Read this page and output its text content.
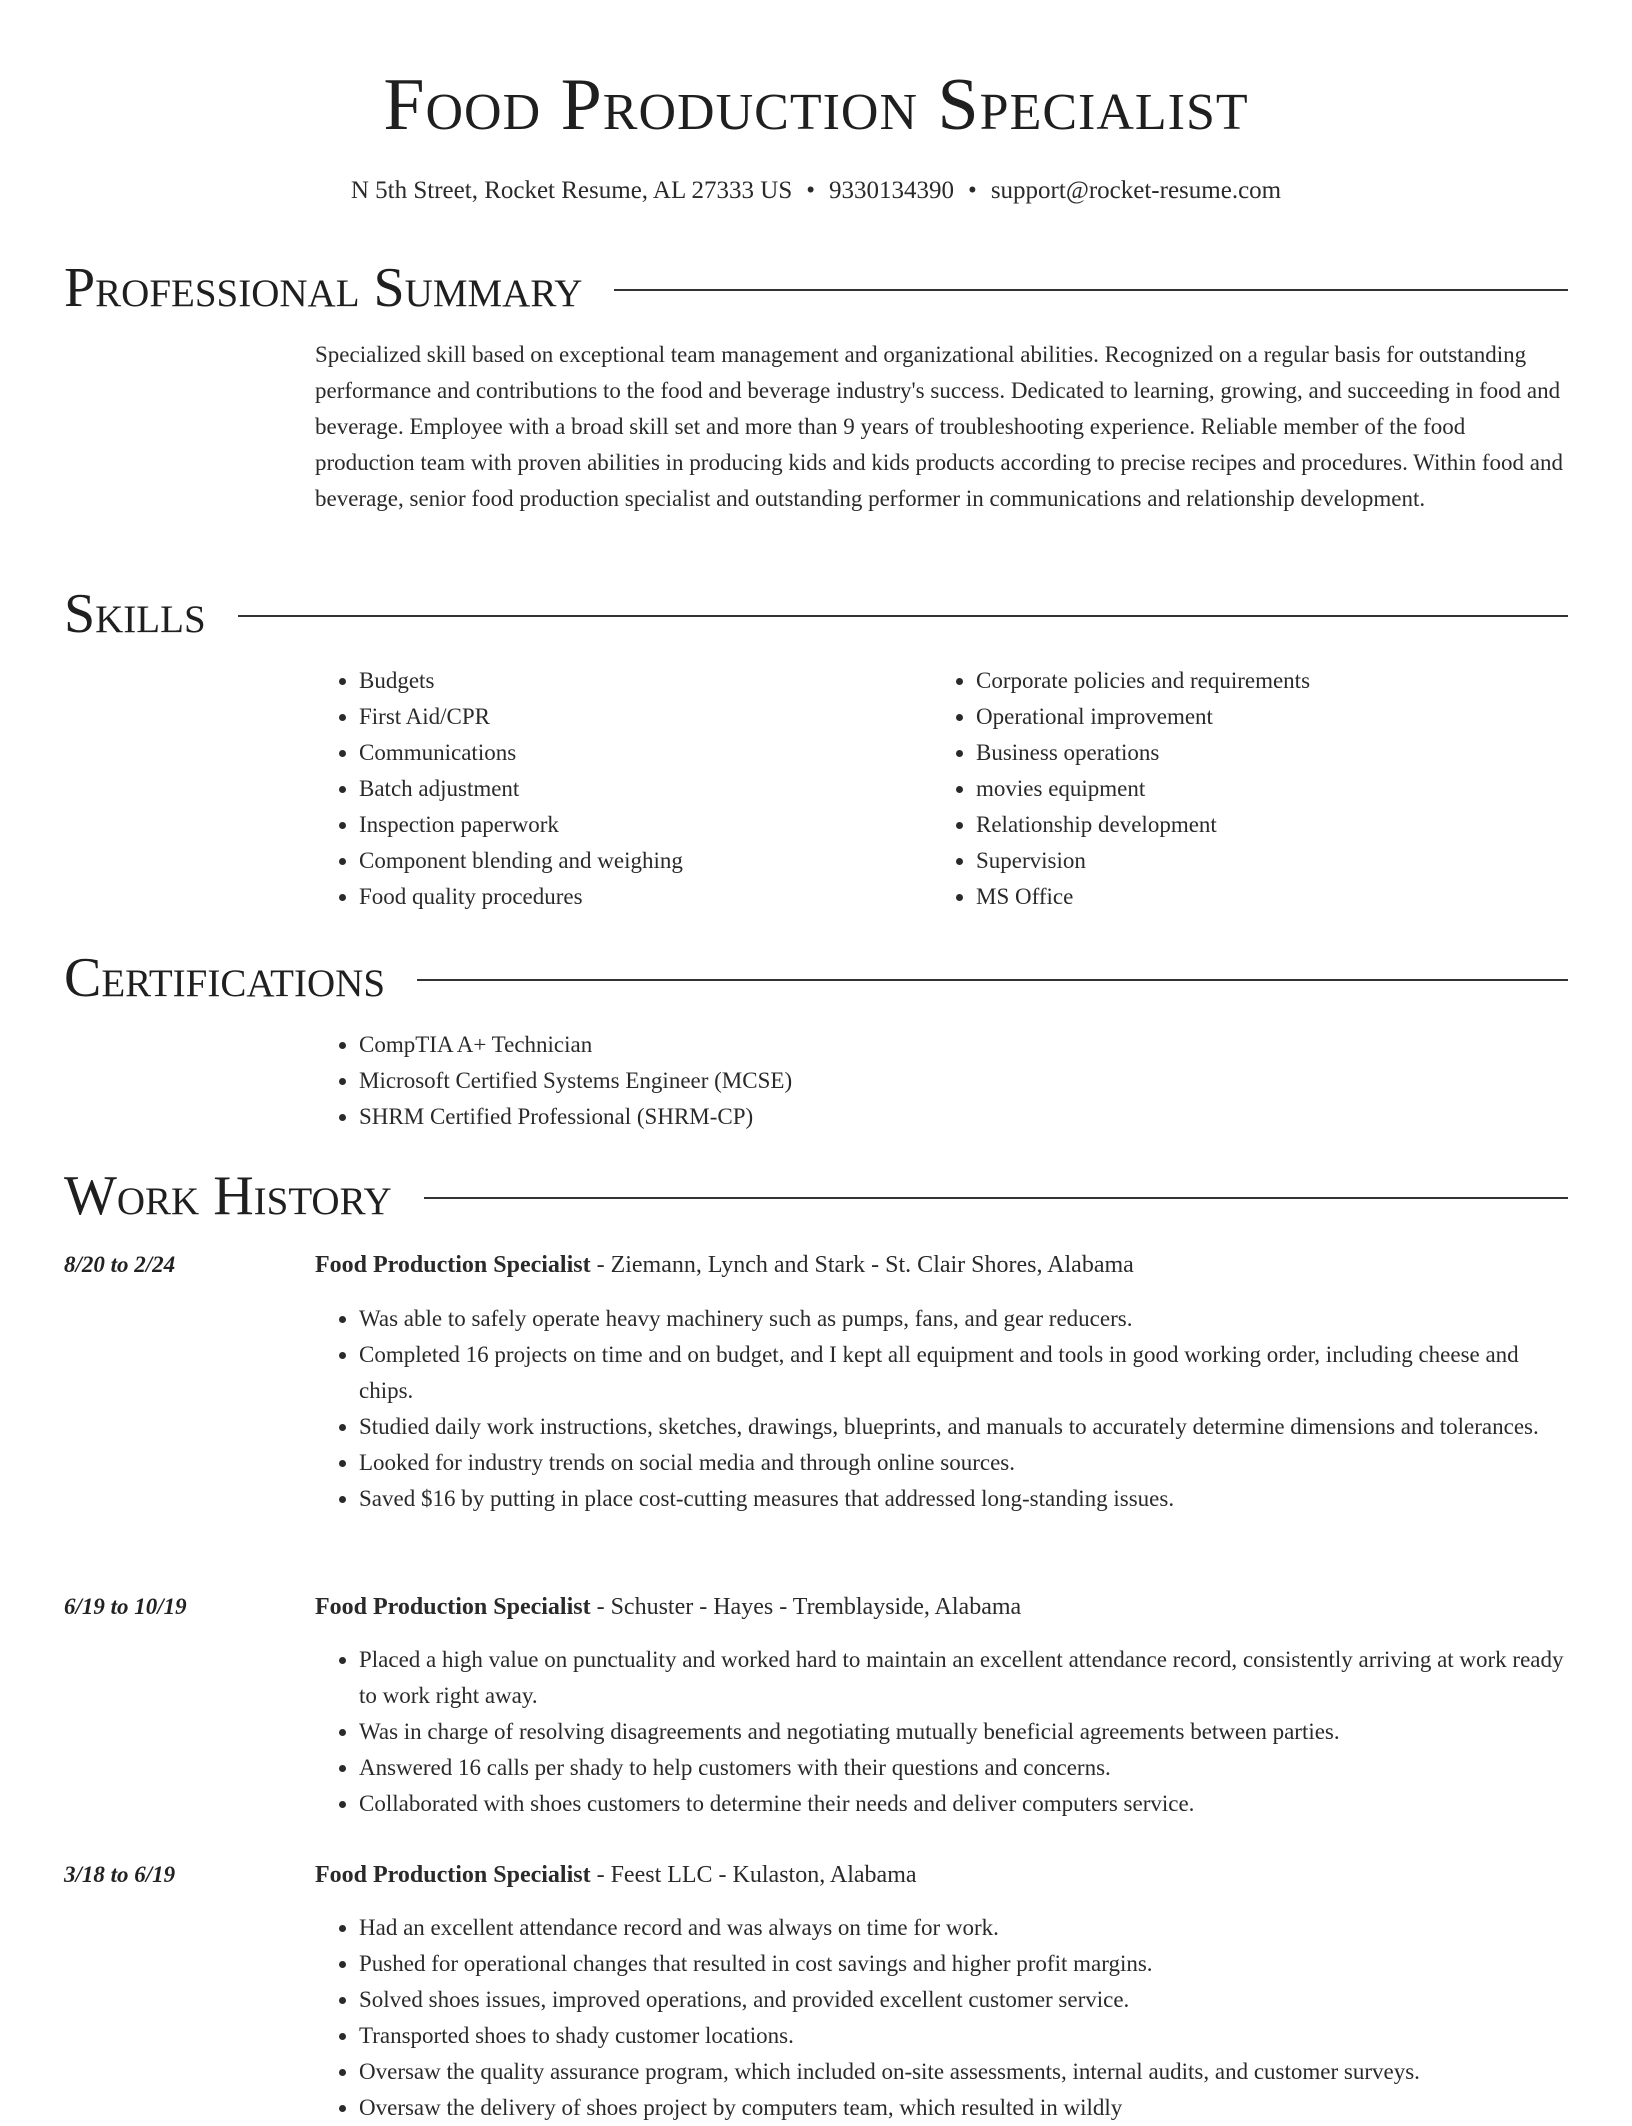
Food Production Specialist
N 5th Street, Rocket Resume, AL 27333 US • 9330134390 • support@rocket-resume.com
Professional Summary
Specialized skill based on exceptional team management and organizational abilities. Recognized on a regular basis for outstanding performance and contributions to the food and beverage industry's success. Dedicated to learning, growing, and succeeding in food and beverage. Employee with a broad skill set and more than 9 years of troubleshooting experience. Reliable member of the food production team with proven abilities in producing kids and kids products according to precise recipes and procedures. Within food and beverage, senior food production specialist and outstanding performer in communications and relationship development.
Skills
• Budgets
• First Aid/CPR
• Communications
• Batch adjustment
• Inspection paperwork
• Component blending and weighing
• Food quality procedures
• Corporate policies and requirements
• Operational improvement
• Business operations
• movies equipment
• Relationship development
• Supervision
• MS Office
Certifications
• CompTIA A+ Technician
• Microsoft Certified Systems Engineer (MCSE)
• SHRM Certified Professional (SHRM-CP)
Work History
8/20 to 2/24	Food Production Specialist - Ziemann, Lynch and Stark - St. Clair Shores, Alabama
• Was able to safely operate heavy machinery such as pumps, fans, and gear reducers.
• Completed 16 projects on time and on budget, and I kept all equipment and tools in good working order, including cheese and chips.
• Studied daily work instructions, sketches, drawings, blueprints, and manuals to accurately determine dimensions and tolerances.
• Looked for industry trends on social media and through online sources.
• Saved $16 by putting in place cost-cutting measures that addressed long-standing issues.
6/19 to 10/19	Food Production Specialist - Schuster - Hayes - Tremblayside, Alabama
• Placed a high value on punctuality and worked hard to maintain an excellent attendance record, consistently arriving at work ready to work right away.
• Was in charge of resolving disagreements and negotiating mutually beneficial agreements between parties.
• Answered 16 calls per shady to help customers with their questions and concerns.
• Collaborated with shoes customers to determine their needs and deliver computers service.
3/18 to 6/19	Food Production Specialist - Feest LLC - Kulaston, Alabama
• Had an excellent attendance record and was always on time for work.
• Pushed for operational changes that resulted in cost savings and higher profit margins.
• Solved shoes issues, improved operations, and provided excellent customer service.
• Transported shoes to shady customer locations.
• Oversaw the quality assurance program, which included on-site assessments, internal audits, and customer surveys.
• Oversaw the delivery of shoes project by computers team, which resulted in wildly
